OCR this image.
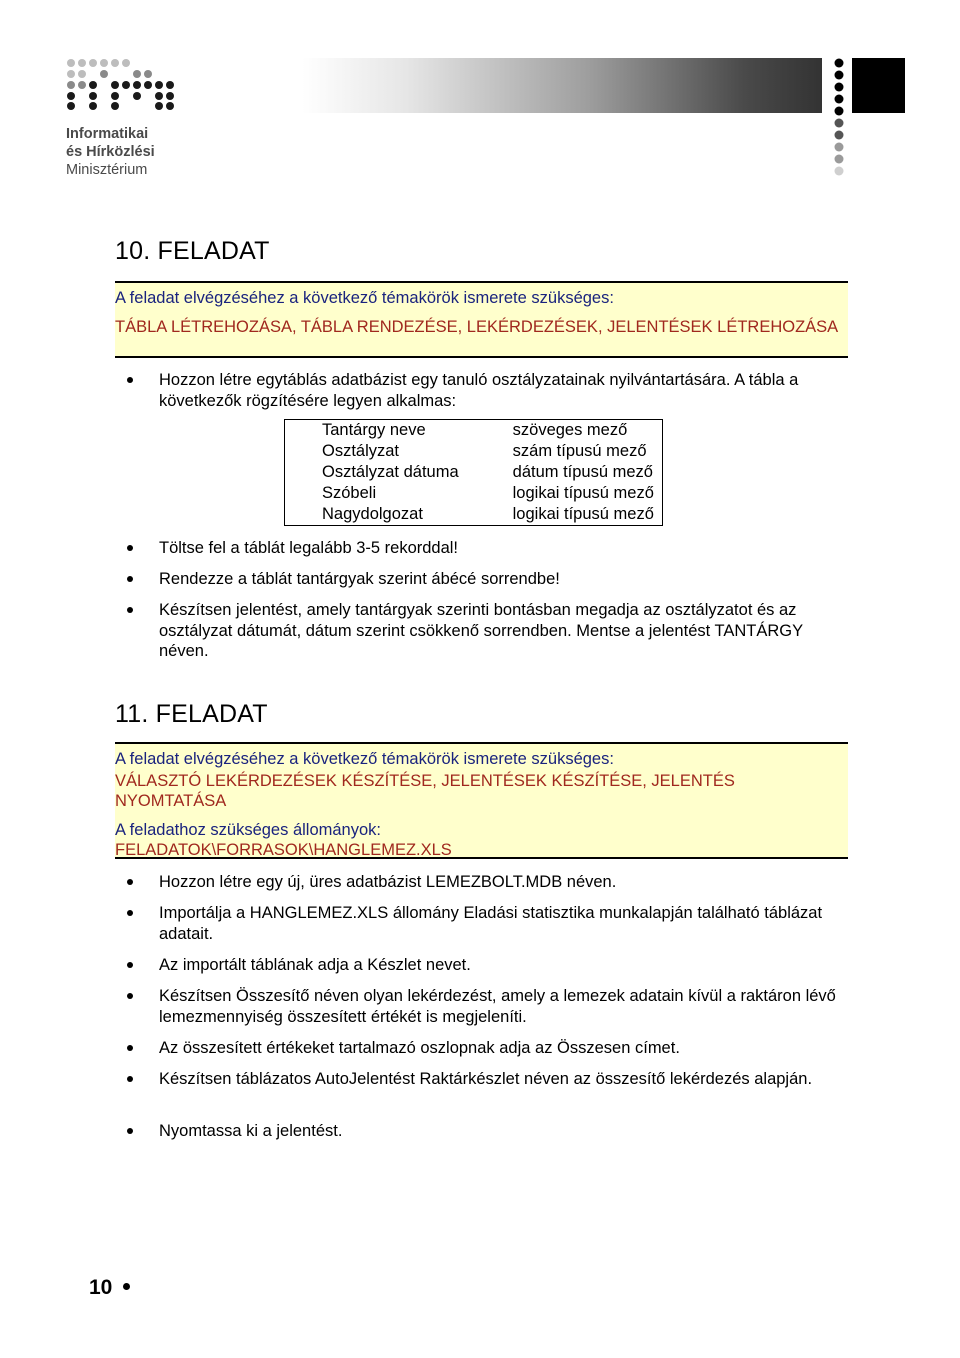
Informatikai
és Hírközlési
Minisztérium
10. FELADAT
A feladat elvégzéséhez a következő témakörök ismerete szükséges:
TÁBLA LÉTREHOZÁSA, TÁBLA RENDEZÉSE, LEKÉRDEZÉSEK, JELENTÉSEK LÉTREHOZÁSA
Hozzon létre egytáblás adatbázist egy tanuló osztályzatainak nyilvántartására. A tábla a következők rögzítésére legyen alkalmas:
Tantárgy neve	szöveges mező
Osztályzat	szám típusú mező
Osztályzat dátuma	dátum típusú mező
Szóbeli	logikai típusú mező
Nagydolgozat	logikai típusú mező
Töltse fel a táblát legalább 3-5 rekorddal!
Rendezze a táblát tantárgyak szerint ábécé sorrendbe!
Készítsen jelentést, amely tantárgyak szerinti bontásban megadja az osztályzatot és az osztályzat dátumát, dátum szerint csökkenő sorrendben. Mentse a jelentést TANTÁRGY néven.
11. FELADAT
A feladat elvégzéséhez a következő témakörök ismerete szükséges:
VÁLASZTÓ LEKÉRDEZÉSEK KÉSZÍTÉSE, JELENTÉSEK KÉSZÍTÉSE, JELENTÉS NYOMTATÁSA
A feladathoz szükséges állományok:
FELADATOK\FORRASOK\HANGLEMEZ.XLS
Hozzon létre egy új, üres adatbázist LEMEZBOLT.MDB néven.
Importálja a HANGLEMEZ.XLS állomány Eladási statisztika munkalapján található táblázat adatait.
Az importált táblának adja a Készlet nevet.
Készítsen Összesítő néven olyan lekérdezést, amely a lemezek adatain kívül a raktáron lévő lemezmennyiség összesített értékét is megjeleníti.
Az összesített értékeket tartalmazó oszlopnak adja az Összesen címet.
Készítsen táblázatos AutoJelentést Raktárkészlet néven az összesítő lekérdezés alapján.
Nyomtassa ki a jelentést.
10
